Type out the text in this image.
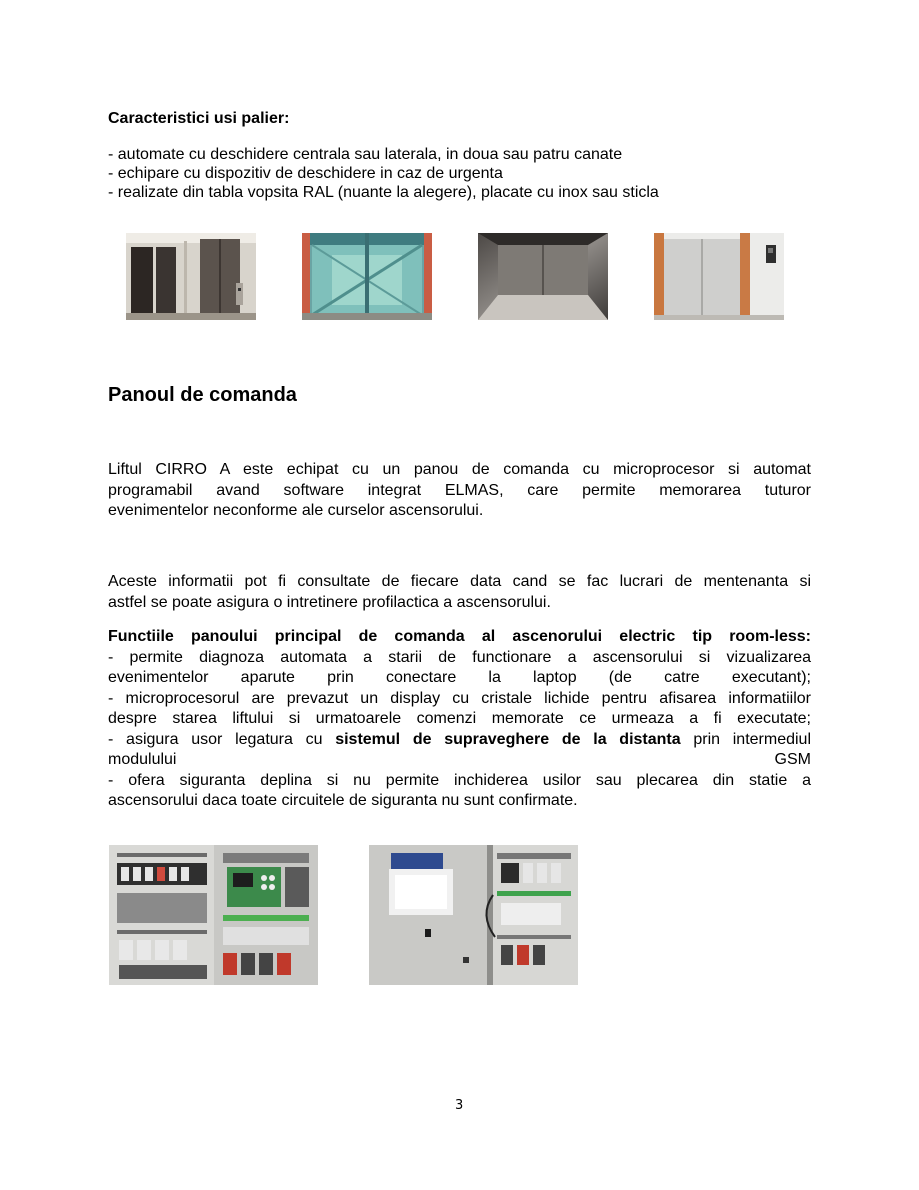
Caracteristici usi palier:
- automate cu deschidere centrala sau laterala, in doua sau patru canate
- echipare cu dispozitiv de deschidere in caz de urgenta
- realizate din tabla vopsita RAL (nuante la alegere), placate cu inox sau sticla
Panoul de comanda
Liftul CIRRO A este echipat cu un panou de comanda cu microprocesor si automat
programabil avand software integrat ELMAS, care permite memorarea tuturor
evenimentelor neconforme ale curselor ascensorului.
Aceste informatii pot fi consultate de fiecare data cand se fac lucrari de mentenanta si
astfel se poate asigura o intretinere profilactica a ascensorului.
Functiile panoului principal de comanda al ascenorului electric tip room-less:
- permite diagnoza automata a starii de functionare a ascensorului si vizualizarea
evenimentelor aparute prin conectare la laptop (de catre executant);
- microprocesorul are prevazut un display cu cristale lichide pentru afisarea informatiilor
despre starea liftului si urmatoarele comenzi memorate ce urmeaza a fi executate;
- asigura usor legatura cu sistemul de supraveghere de la distanta prin intermediul
modulului	GSM
- ofera siguranta deplina si nu permite inchiderea usilor sau plecarea din statie a
ascensorului daca toate circuitele de siguranta nu sunt confirmate.
3
